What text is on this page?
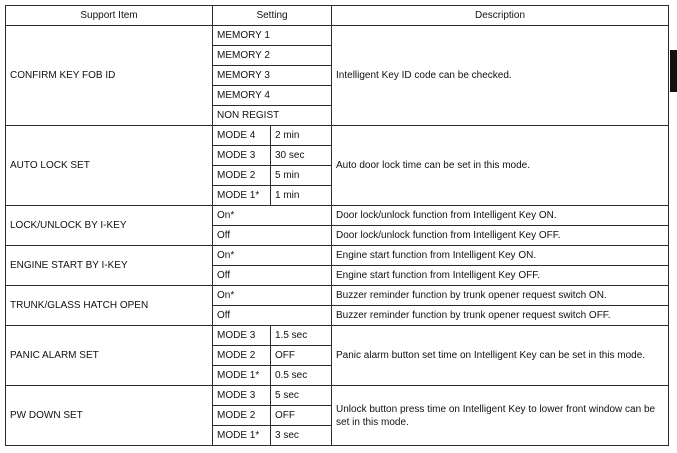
Support Item	Setting		Description
CONFIRM KEY FOB ID	MEMORY 1		Intelligent Key ID code can be checked.
	MEMORY 2		
	MEMORY 3		
	MEMORY 4		
	NON REGIST		
AUTO LOCK SET	MODE 4	2 min	Auto door lock time can be set in this mode.
	MODE 3	30 sec	
	MODE 2	5 min	
	MODE 1*	1 min	
LOCK/UNLOCK BY I-KEY	On*		Door lock/unlock function from Intelligent Key ON.
	Off		Door lock/unlock function from Intelligent Key OFF.
ENGINE START BY I-KEY	On*		Engine start function from Intelligent Key ON.
	Off		Engine start function from Intelligent Key OFF.
TRUNK/GLASS HATCH OPEN	On*		Buzzer reminder function by trunk opener request switch ON.
	Off		Buzzer reminder function by trunk opener request switch OFF.
PANIC ALARM SET	MODE 3	1.5 sec	Panic alarm button set time on Intelligent Key can be set in this mode.
	MODE 2	OFF	
	MODE 1*	0.5 sec	
PW DOWN SET	MODE 3	5 sec	Unlock button press time on Intelligent Key to lower front window can be set in this mode.
	MODE 2	OFF	
	MODE 1*	3 sec	
